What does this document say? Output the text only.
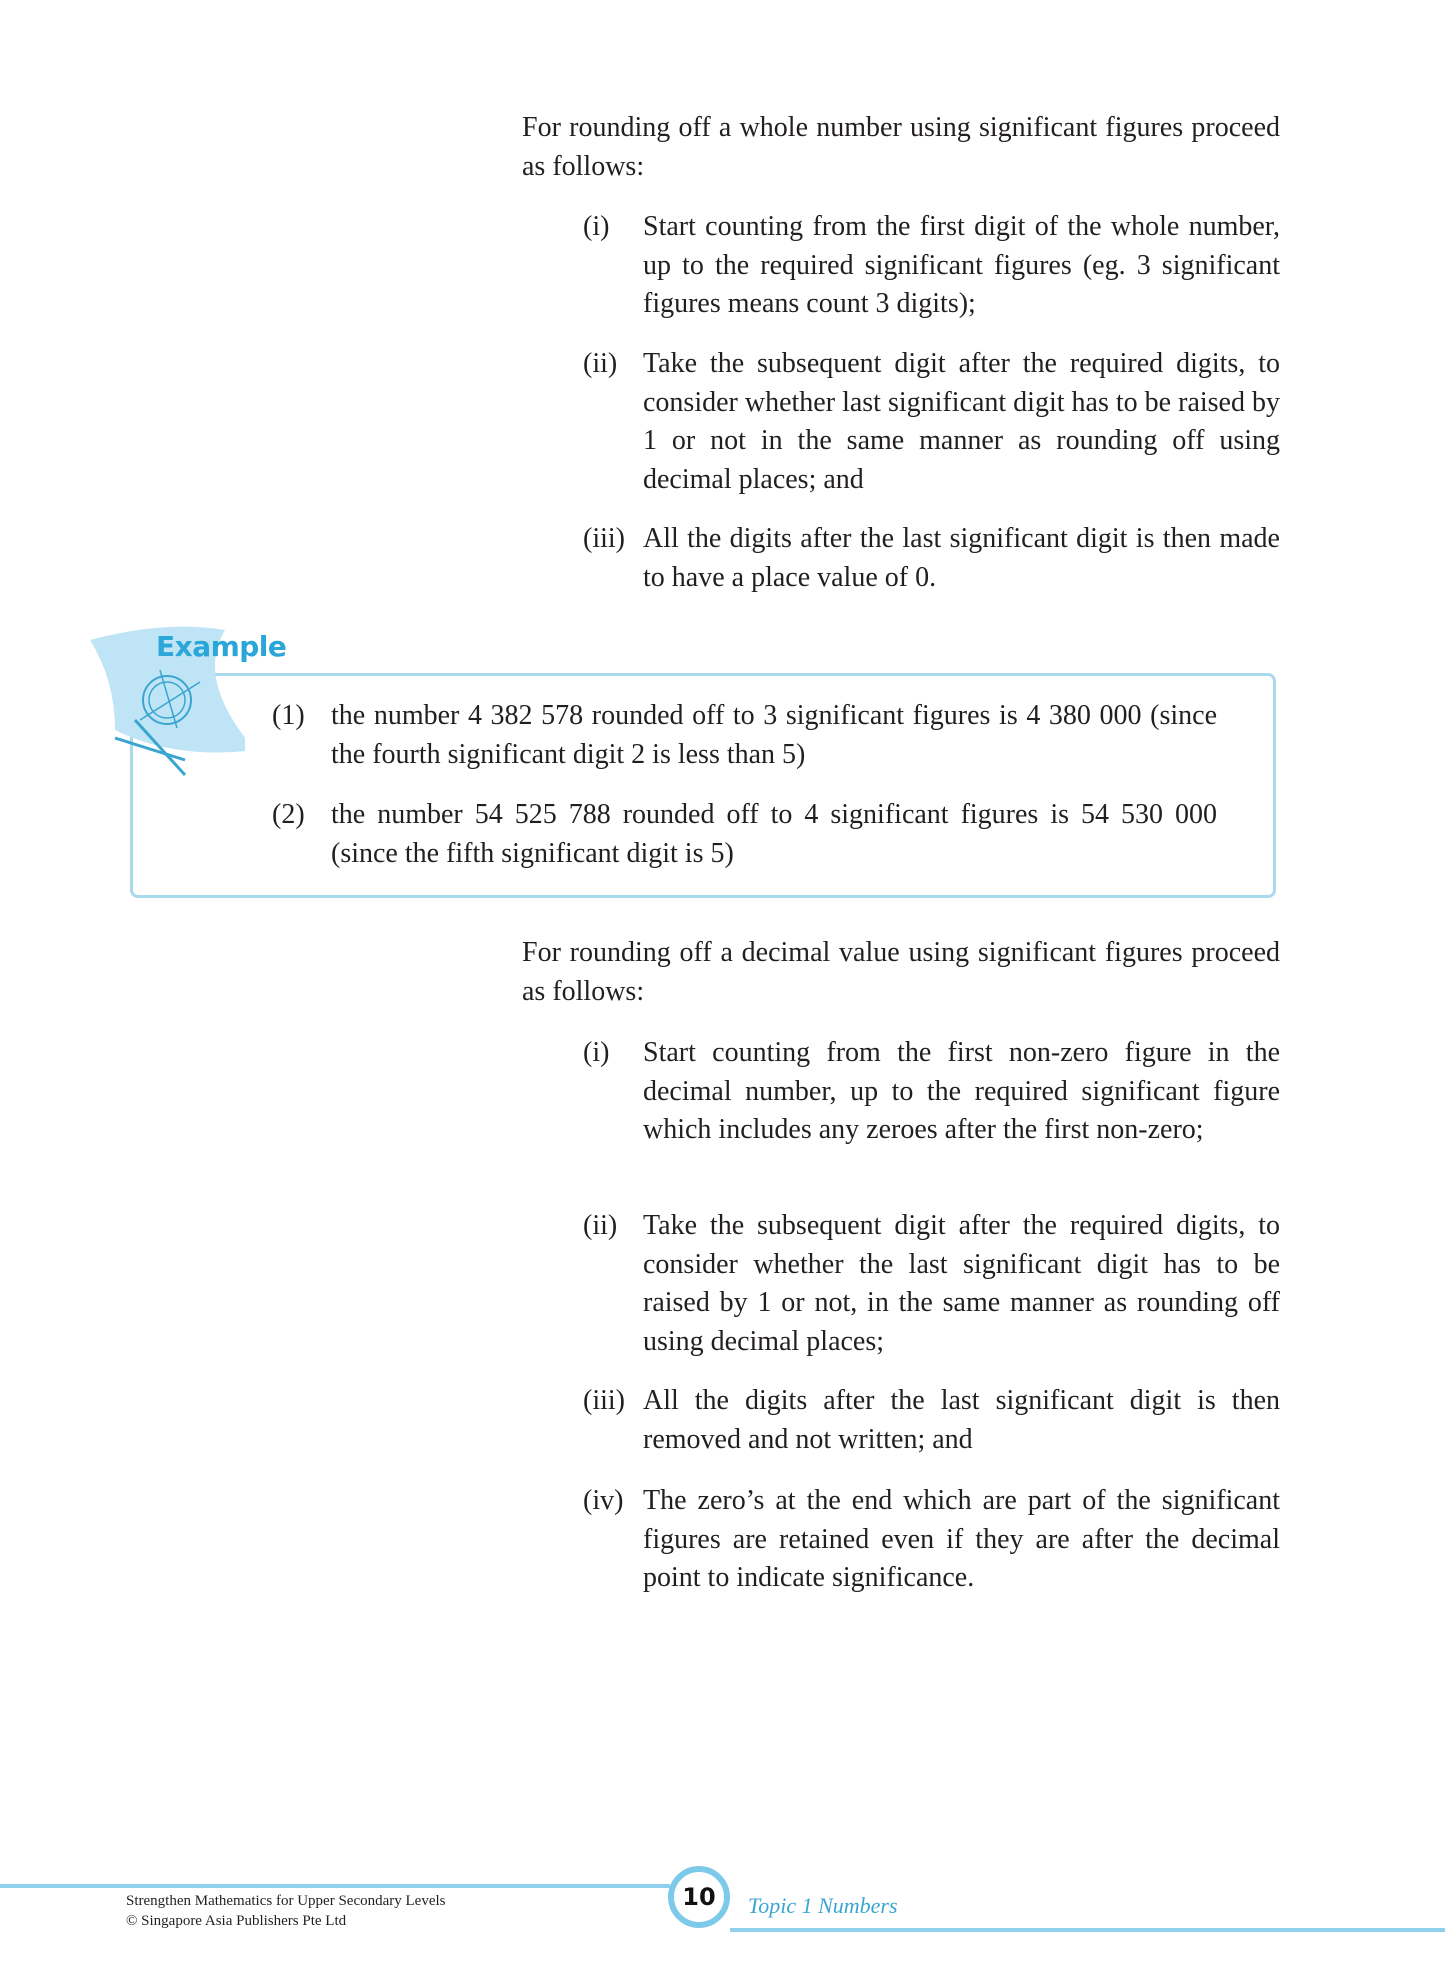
For rounding off a whole number using significant figures proceed as follows:
(i) Start counting from the first digit of the whole number, up to the required significant figures (eg. 3 significant figures means count 3 digits);
(ii) Take the subsequent digit after the required digits, to consider whether last significant digit has to be raised by 1 or not in the same manner as rounding off using decimal places; and
(iii) All the digits after the last significant digit is then made to have a place value of 0.
Example
(1) the number 4 382 578 rounded off to 3 significant figures is 4 380 000 (since the fourth significant digit 2 is less than 5)
(2) the number 54 525 788 rounded off to 4 significant figures is 54 530 000 (since the fifth significant digit is 5)
For rounding off a decimal value using significant figures proceed as follows:
(i) Start counting from the first non-zero figure in the decimal number, up to the required significant figure which includes any zeroes after the first non-zero;
(ii) Take the subsequent digit after the required digits, to consider whether the last significant digit has to be raised by 1 or not, in the same manner as rounding off using decimal places;
(iii) All the digits after the last significant digit is then removed and not written; and
(iv) The zero’s at the end which are part of the significant figures are retained even if they are after the decimal point to indicate significance.
Strengthen Mathematics for Upper Secondary Levels
© Singapore Asia Publishers Pte Ltd
10	Topic 1 Numbers
